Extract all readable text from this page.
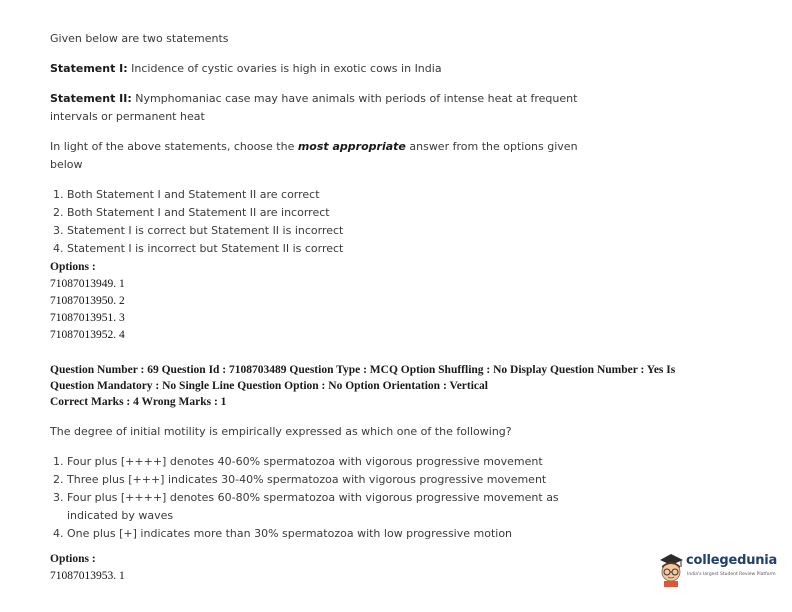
Given below are two statements
Statement I: Incidence of cystic ovaries is high in exotic cows in India
Statement II: Nymphomaniac case may have animals with periods of intense heat at frequent
intervals or permanent heat
In light of the above statements, choose the most appropriate answer from the options given
below
1. Both Statement I and Statement II are correct
2. Both Statement I and Statement II are incorrect
3. Statement I is correct but Statement II is incorrect
4. Statement I is incorrect but Statement II is correct
Options :
71087013949. 1
71087013950. 2
71087013951. 3
71087013952. 4
Question Number : 69 Question Id : 7108703489 Question Type : MCQ Option Shuffling : No Display Question Number : Yes Is
Question Mandatory : No Single Line Question Option : No Option Orientation : Vertical
Correct Marks : 4 Wrong Marks : 1
The degree of initial motility is empirically expressed as which one of the following?
1. Four plus [++++] denotes 40-60% spermatozoa with vigorous progressive movement
2. Three plus [+++] indicates 30-40% spermatozoa with vigorous progressive movement
3. Four plus [++++] denotes 60-80% spermatozoa with vigorous progressive movement as
indicated by waves
4. One plus [+] indicates more than 30% spermatozoa with low progressive motion
Options :
71087013953. 1
collegedunia
India's largest Student Review Platform
